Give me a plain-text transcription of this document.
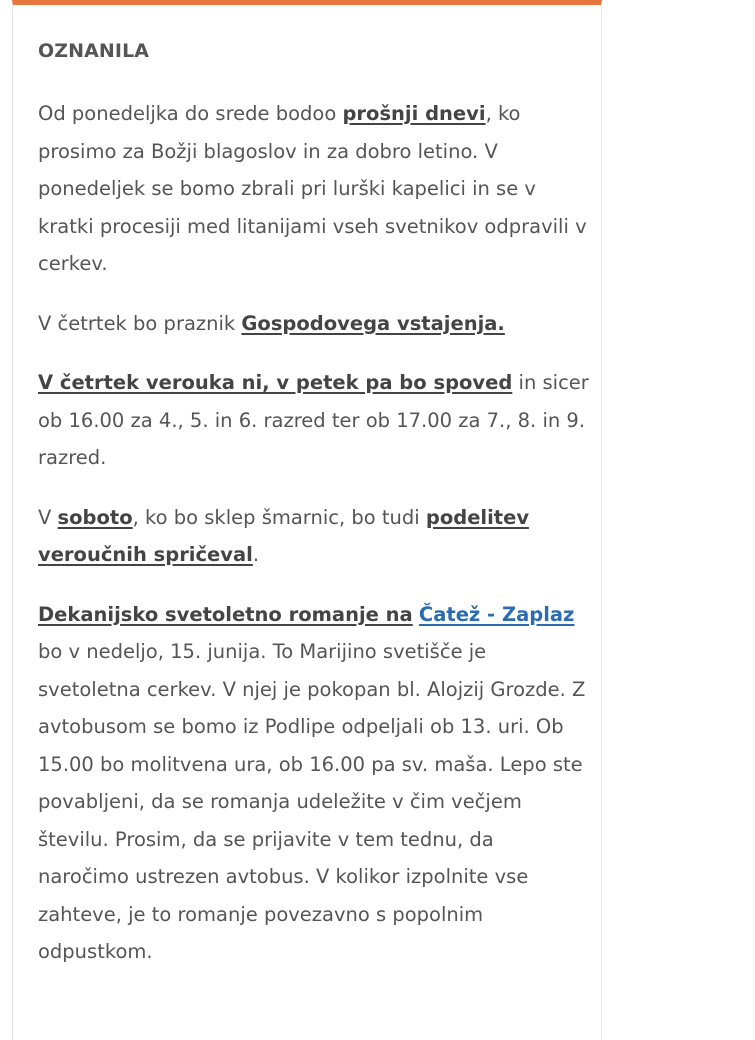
OZNANILA

Od ponedeljka do srede bodoo prošnji dnevi, ko prosimo za Božji blagoslov in za dobro letino. V ponedeljek se bomo zbrali pri lurški kapelici in se v kratki procesiji med litanijami vseh svetnikov odpravili v cerkev.

V četrtek bo praznik Gospodovega vstajenja.

V četrtek verouka ni, v petek pa bo spoved in sicer ob 16.00 za 4., 5. in 6. razred ter ob 17.00 za 7., 8. in 9. razred.

V soboto, ko bo sklep šmarnic, bo tudi podelitev veroučnih spričeval.

Dekanijsko svetoletno romanje na Čatež - Zaplaz bo v nedeljo, 15. junija. To Marijino svetišče je svetoletna cerkev. V njej je pokopan bl. Alojzij Grozde. Z avtobusom se bomo iz Podlipe odpeljali ob 13. uri. Ob 15.00 bo molitvena ura, ob 16.00 pa sv. maša. Lepo ste povabljeni, da se romanja udeležite v čim večjem številu. Prosim, da se prijavite v tem tednu, da naročimo ustrezen avtobus. V kolikor izpolnite vse zahteve, je to romanje povezavno s popolnim odpustkom.
